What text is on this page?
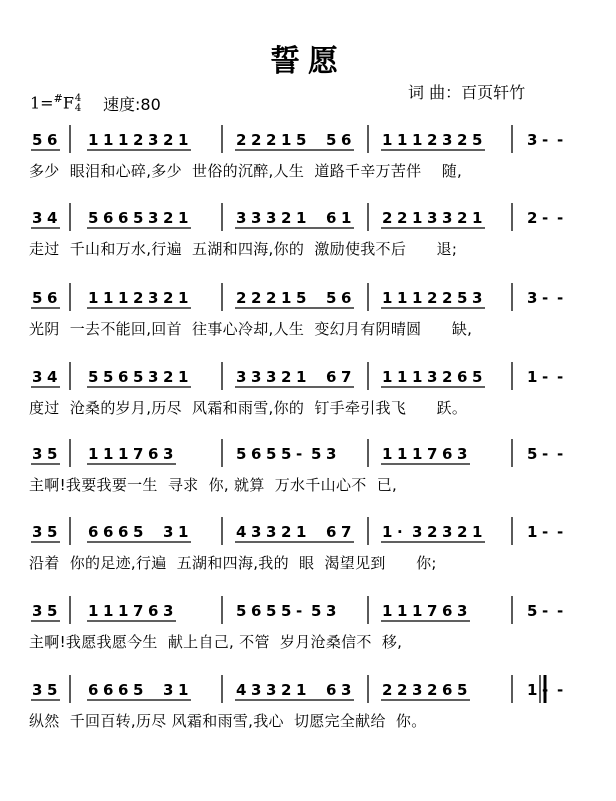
誓愿
1=#F4
4 速度:80
词 曲：百页轩竹
多少  眼泪和心碎,多少  世俗的沉醉,人生  道路千辛万苦伴    随,
走过  千山和万水,行遍  五湖和四海,你的  激励使我不后      退;
光阴  一去不能回,回首  往事心冷却,人生  变幻月有阴晴圆      缺,
度过  沧桑的岁月,历尽  风霜和雨雪,你的  钉手牵引我飞      跃。
主啊!我要我要一生  寻求  你, 就算  万水千山心不  已,
沿着  你的足迹,行遍  五湖和四海,我的  眼  渴望见到      你;
主啊!我愿我愿今生  献上自己, 不管  岁月沧桑信不  移,
纵然  千回百转,历尽 风霜和雨雪,我心  切愿完全献给  你。
5 6 1 1 1 2 3 2 1	2 2 2 1 5 5 6 1 1 1 2 3 2 5	3 - -
3 4 5 6 6 5 3 2 1	3 3 3 2 1 6 1 2 2 1 3 3 2 1	2 - -
5 6 1 1 1 2 3 2 1	2 2 2 1 5 5 6 1 1 1 2 2 5 3	3 - -
3 4 5 5 6 5 3 2 1	3 3 3 2 1 6 7 1 1 1 3 2 6 5	1 - -
3 5 1 1 1 7 6 3	5 6 5 5 - 5 3	1 1 1 7 6 3	5 - -
3 5 6 6 6 5 3 1	4 3 3 2 1 6 7 1 · 3 2 3 2 1	1 - -
3 5 1 1 1 7 6 3	5 6 5 5 - 5 3	1 1 1 7 6 3	5 - -
3 5 6 6 6 5 3 1	4 3 3 2 1 6 3 2 2 3 2 6 5	1 - -
